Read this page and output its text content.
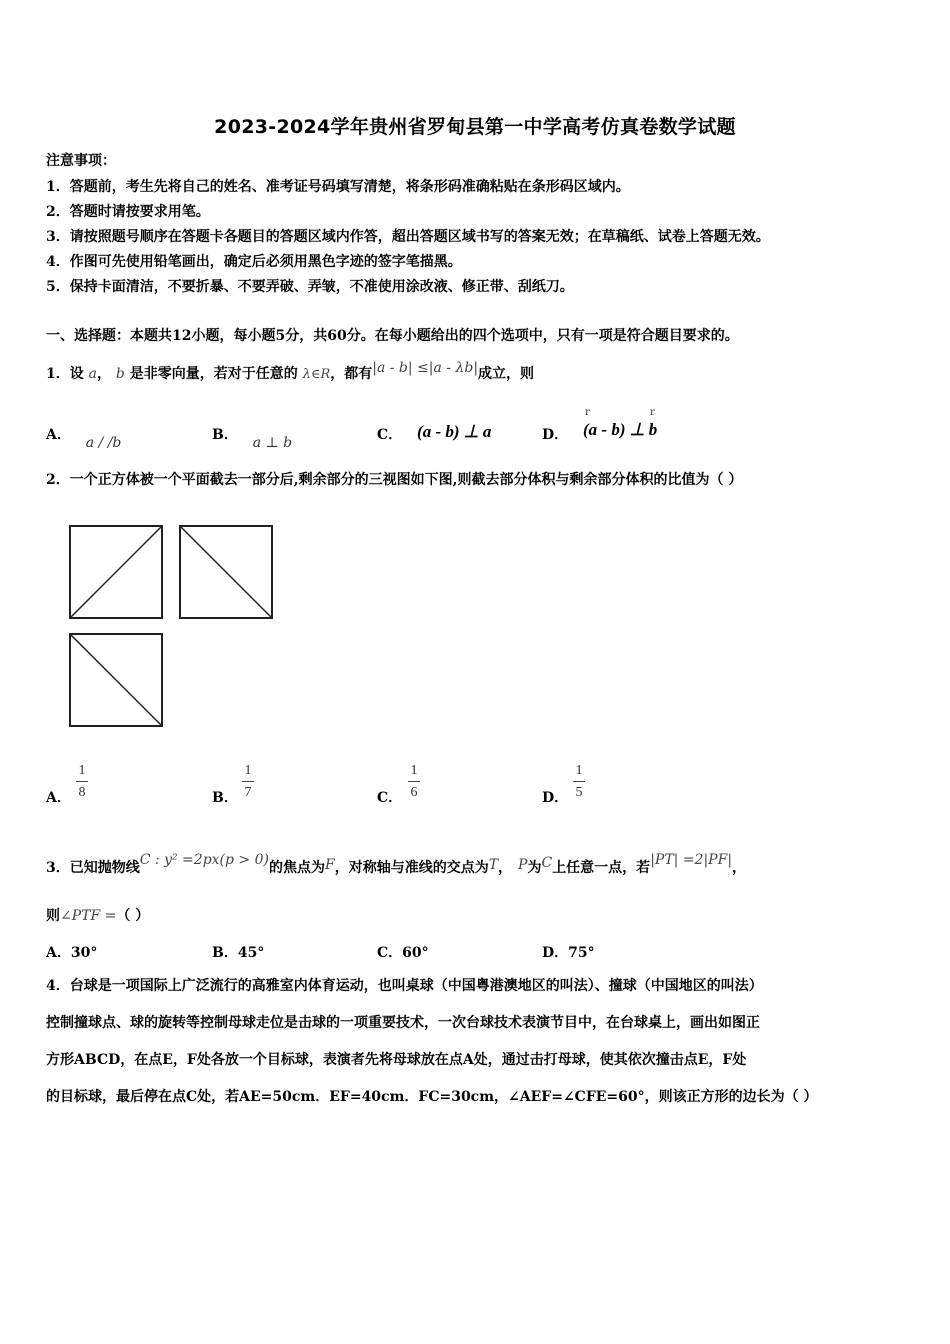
2023-2024学年贵州省罗甸县第一中学高考仿真卷数学试题
注意事项：
1．答题前，考生先将自己的姓名、准考证号码填写清楚，将条形码准确粘贴在条形码区域内。
2．答题时请按要求用笔。
3．请按照题号顺序在答题卡各题目的答题区域内作答，超出答题区域书写的答案无效；在草稿纸、试卷上答题无效。
4．作图可先使用铅笔画出，确定后必须用黑色字迹的签字笔描黑。
5．保持卡面清洁，不要折暴、不要弄破、弄皱，不准使用涂改液、修正带、刮纸刀。
一、选择题：本题共12小题，每小题5分，共60分。在每小题给出的四个选项中，只有一项是符合题目要求的。
1．设 a， b 是非零向量，若对于任意的 λ∈R，都有|a - b| ≤|a - λb|成立，则
A． a / /b	B． a ⊥ b	C． (a - b) ⊥ a	D． (a - b) ⊥ b
r	r
2．一个正方体被一个平面截去一部分后,剩余部分的三视图如下图,则截去部分体积与剩余部分体积的比值为（ ）
A．
1
8	B．
1
7	C．
1
6	D．
1
5
3．已知抛物线C : y² =2px(p > 0)的焦点为F，对称轴与准线的交点为T， P为C上任意一点，若|PT| =2|PF|，
则∠PTF =（ ）
A．30°	B．45°	C．60°	D．75°
4．台球是一项国际上广泛流行的高雅室内体育运动，也叫桌球（中国粤港澳地区的叫法）、撞球（中国地区的叫法）
控制撞球点、球的旋转等控制母球走位是击球的一项重要技术，一次台球技术表演节目中，在台球桌上，画出如图正
方形ABCD，在点E，F处各放一个目标球，表演者先将母球放在点A处，通过击打母球，使其依次撞击点E，F处
的目标球，最后停在点C处，若AE=50cm．EF=40cm．FC=30cm，∠AEF=∠CFE=60°，则该正方形的边长为（ ）
